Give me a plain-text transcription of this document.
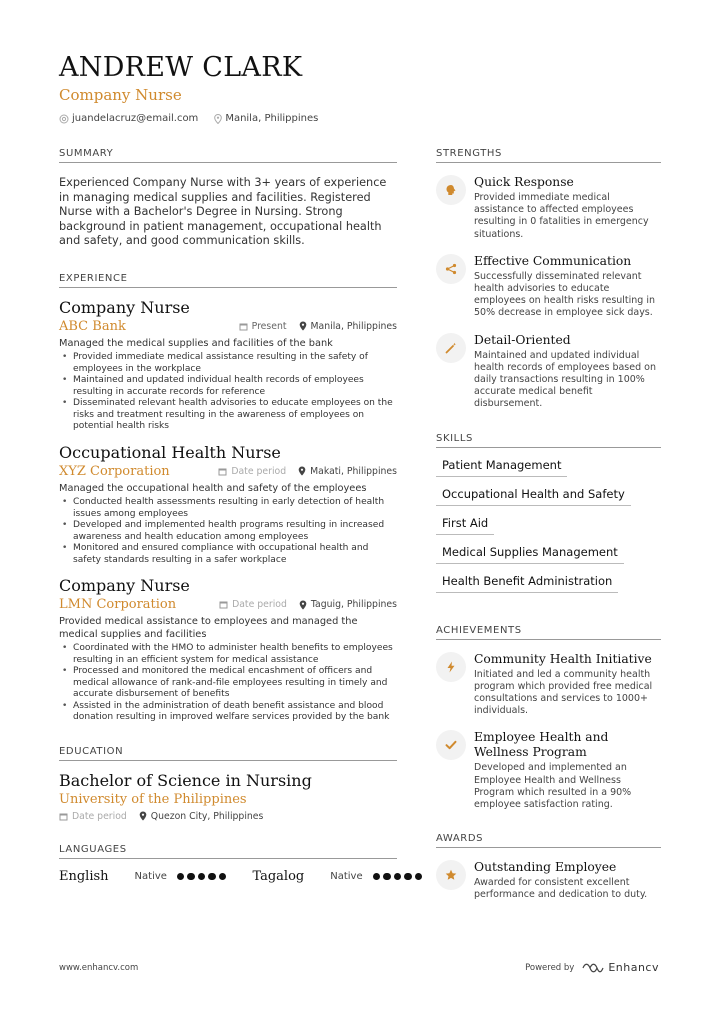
ANDREW CLARK
Company Nurse
juandelacruz@email.com	Manila, Philippines
SUMMARY

Experienced Company Nurse with 3+ years of experience in managing medical supplies and facilities. Registered Nurse with a Bachelor's Degree in Nursing. Strong background in patient management, occupational health and safety, and good communication skills.

EXPERIENCE
Company Nurse
ABC Bank	Present	Manila, Philippines
Managed the medical supplies and facilities of the bank
• Provided immediate medical assistance resulting in the safety of employees in the workplace
• Maintained and updated individual health records of employees resulting in accurate records for reference
• Disseminated relevant health advisories to educate employees on the risks and treatment resulting in the awareness of employees on potential health risks
Occupational Health Nurse
XYZ Corporation	Date period	Makati, Philippines
Managed the occupational health and safety of the employees
• Conducted health assessments resulting in early detection of health issues among employees
• Developed and implemented health programs resulting in increased awareness and health education among employees
• Monitored and ensured compliance with occupational health and safety standards resulting in a safer workplace
Company Nurse
LMN Corporation	Date period	Taguig, Philippines
Provided medical assistance to employees and managed the medical supplies and facilities
• Coordinated with the HMO to administer health benefits to employees resulting in an efficient system for medical assistance
• Processed and monitored the medical encashment of officers and medical allowance of rank-and-file employees resulting in timely and accurate disbursement of benefits
• Assisted in the administration of death benefit assistance and blood donation resulting in improved welfare services provided by the bank
EDUCATION
Bachelor of Science in Nursing
University of the Philippines
Date period	Quezon City, Philippines
LANGUAGES
English	Native	Tagalog	Native
STRENGTHS
Quick Response
Provided immediate medical assistance to affected employees resulting in 0 fatalities in emergency situations.
Effective Communication
Successfully disseminated relevant health advisories to educate employees on health risks resulting in 50% decrease in employee sick days.
Detail-Oriented
Maintained and updated individual health records of employees based on daily transactions resulting in 100% accurate medical benefit disbursement.
SKILLS
Patient Management
Occupational Health and Safety
First Aid
Medical Supplies Management
Health Benefit Administration
ACHIEVEMENTS
Community Health Initiative
Initiated and led a community health program which provided free medical consultations and services to 1000+ individuals.
Employee Health and Wellness Program
Developed and implemented an Employee Health and Wellness Program which resulted in a 90% employee satisfaction rating.
AWARDS
Outstanding Employee
Awarded for consistent excellent performance and dedication to duty.
www.enhancv.com	Powered by	Enhancv
